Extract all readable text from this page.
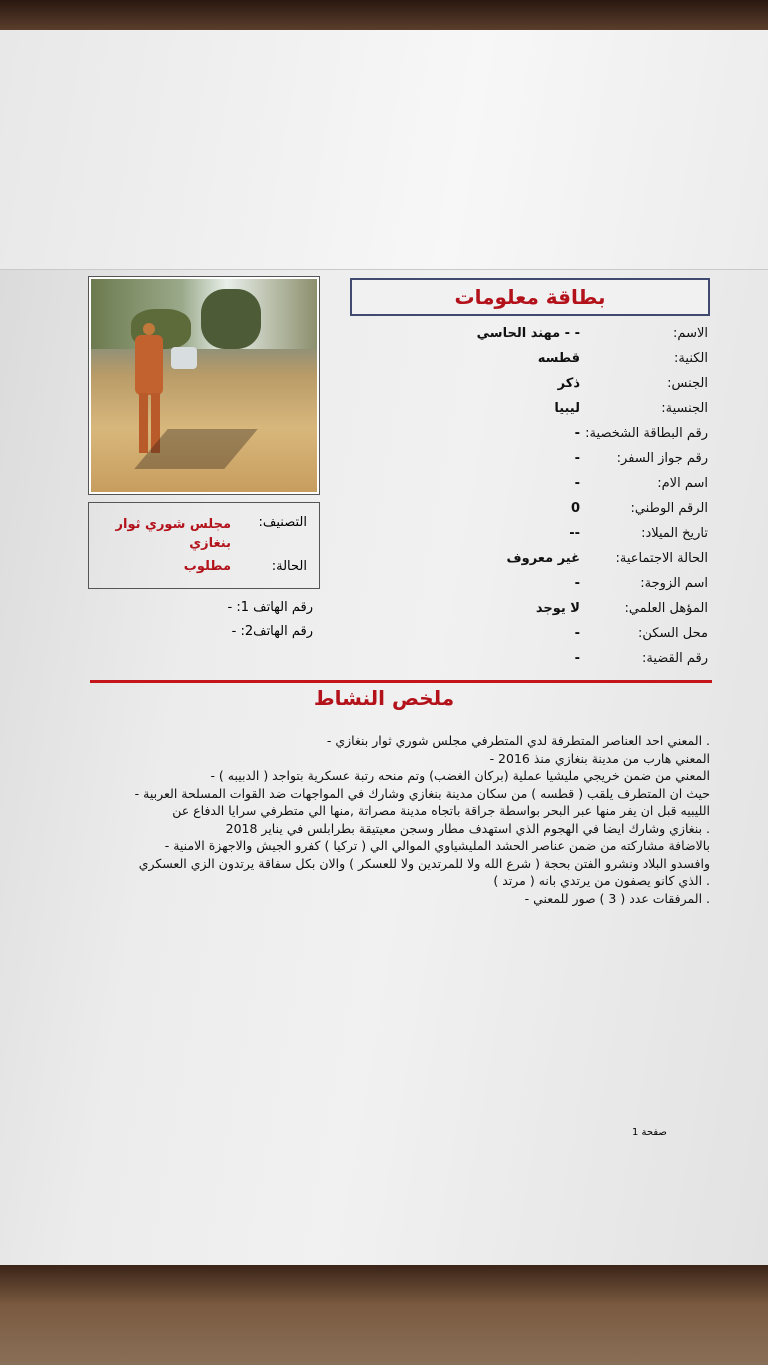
بطاقة معلومات
الاسم:
- - مهند الحاسي
الكنية:
قطسه
الجنس:
ذكر
الجنسية:
ليبيا
رقم البطاقة الشخصية:
-
رقم جواز السفر:
-
اسم الام:
-
الرقم الوطني:
0
تاريخ الميلاد:
--
الحالة الاجتماعية:
غير معروف
اسم الزوجة:
-
المؤهل العلمي:
لا يوجد
محل السكن:
-
رقم القضية:
-
التصنيف:
مجلس شوري ثوار بنغازي
الحالة:
مطلوب
رقم الهاتف 1: -
رقم الهاتف2: -
ملخص النشاط

. المعني احد العناصر المتطرفة لدي المتطرفي مجلس شوري ثوار بنغازي -

المعني هارب من مدينة بنغازي منذ 2016 -

المعني من ضمن خريجي مليشيا عملية (بركان الغضب) وتم منحه رتبة عسكرية بتواجد ( الدبيبه ) -

حيث ان المتطرف يلقب ( قطسه ) من سكان مدينة بنغازي وشارك في المواجهات ضد القوات المسلحة العربية -

الليبيه قبل ان يفر منها عبر البحر بواسطة جراقة باتجاه مدينة مصراتة ,منها الي متطرفي سرايا الدفاع عن

. بنغازي وشارك ايضا في الهجوم الذي استهدف مطار وسجن معيتيقة بطرابلس في يناير 2018

بالاضافة مشاركته من ضمن عناصر الحشد المليشياوي الموالي الي ( تركيا ) كفرو الجيش والاجهزة الامنية -

وافسدو البلاد ونشرو الفتن بحجة ( شرع الله ولا للمرتدين ولا للعسكر ) والان بكل سفاقة يرتدون الزي العسكري

. الذي كانو يصفون من يرتدي بانه ( مرتد )

. المرفقات عدد ( 3 ) صور للمعني -

صفحة 1
